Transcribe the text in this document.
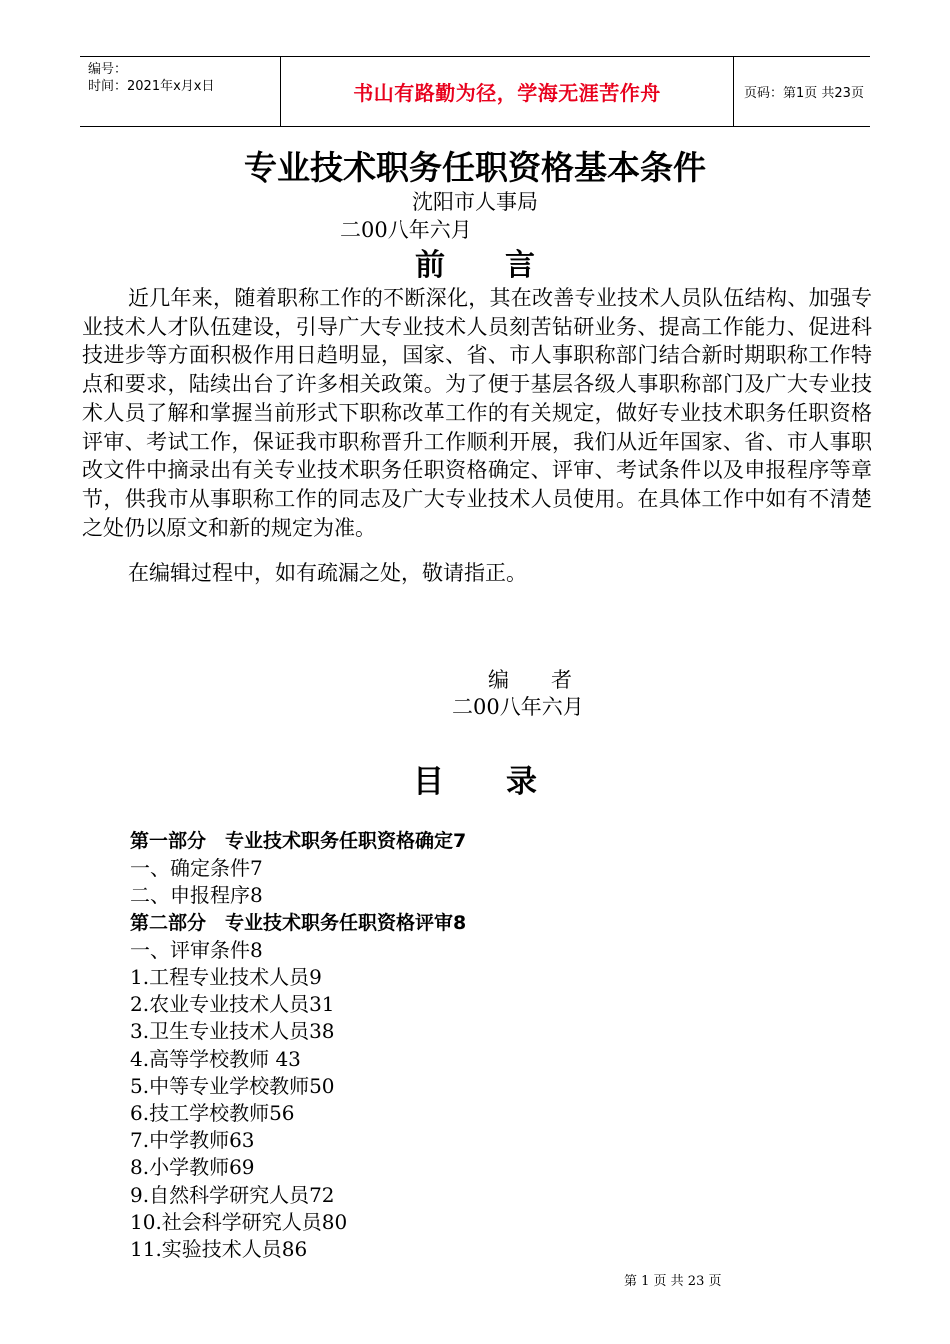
编号：
时间：2021年x月x日	书山有路勤为径，学海无涯苦作舟	页码：第1页 共23页
专业技术职务任职资格基本条件
沈阳市人事局
二00八年六月
前　　言
近几年来，随着职称工作的不断深化，其在改善专业技术人员队伍结构、加强专业技术人才队伍建设，引导广大专业技术人员刻苦钻研业务、提高工作能力、促进科技进步等方面积极作用日趋明显，国家、省、市人事职称部门结合新时期职称工作特点和要求，陆续出台了许多相关政策。为了便于基层各级人事职称部门及广大专业技术人员了解和掌握当前形式下职称改革工作的有关规定，做好专业技术职务任职资格评审、考试工作，保证我市职称晋升工作顺利开展，我们从近年国家、省、市人事职改文件中摘录出有关专业技术职务任职资格确定、评审、考试条件以及申报程序等章节，供我市从事职称工作的同志及广大专业技术人员使用。在具体工作中如有不清楚之处仍以原文和新的规定为准。
在编辑过程中，如有疏漏之处，敬请指正。
编　　者
二00八年六月
目　　录
第一部分　专业技术职务任职资格确定7
一、确定条件7
二、申报程序8
第二部分　专业技术职务任职资格评审8
一、评审条件8
1.工程专业技术人员9
2.农业专业技术人员31
3.卫生专业技术人员38
4.高等学校教师 43
5.中等专业学校教师50
6.技工学校教师56
7.中学教师63
8.小学教师69
9.自然科学研究人员72
10.社会科学研究人员80
11.实验技术人员86
第 1 页 共 23 页
